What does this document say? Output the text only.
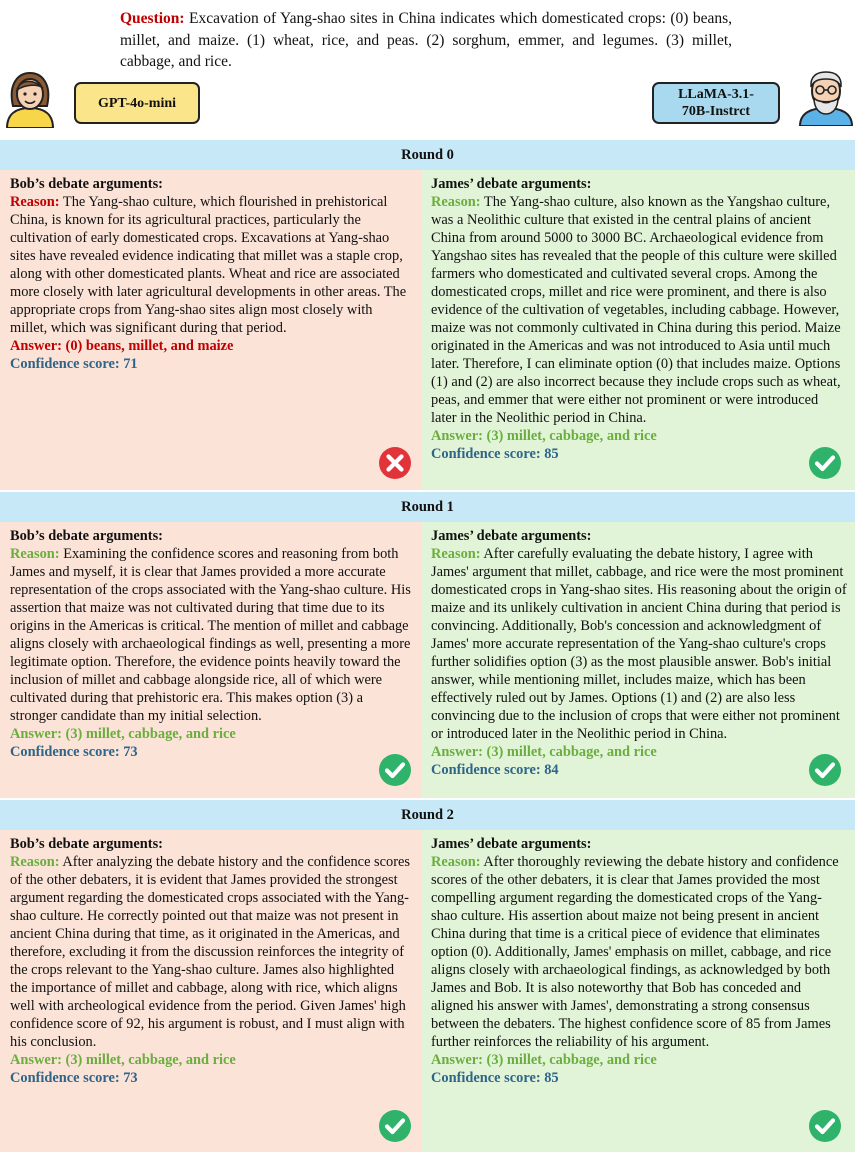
Question: Excavation of Yang-shao sites in China indicates which domesticated crops: (0) beans, millet, and maize. (1) wheat, rice, and peas. (2) sorghum, emmer, and legumes. (3) millet, cabbage, and rice.
GPT-4o-mini
LLaMA-3.1-
70B-Instrct
Round 0
Bob’s debate arguments:
Reason: The Yang-shao culture, which flourished in prehistorical China, is known for its agricultural practices, particularly the cultivation of early domesticated crops. Excavations at Yang-shao sites have revealed evidence indicating that millet was a staple crop, along with other domesticated plants. Wheat and rice are associated more closely with later agricultural developments in other areas. The appropriate crops from Yang-shao sites align most closely with millet, which was significant during that period.
Answer: (0) beans, millet, and maize
Confidence score: 71
James’ debate arguments:
Reason: The Yang-shao culture, also known as the Yangshao culture, was a Neolithic culture that existed in the central plains of ancient China from around 5000 to 3000 BC. Archaeological evidence from Yangshao sites has revealed that the people of this culture were skilled farmers who domesticated and cultivated several crops. Among the domesticated crops, millet and rice were prominent, and there is also evidence of the cultivation of vegetables, including cabbage. However, maize was not commonly cultivated in China during this period. Maize originated in the Americas and was not introduced to Asia until much later. Therefore, I can eliminate option (0) that includes maize. Options (1) and (2) are also incorrect because they include crops such as wheat, peas, and emmer that were either not prominent or were introduced later in the Neolithic period in China.
Answer: (3) millet, cabbage, and rice
Confidence score: 85
Round 1
Bob’s debate arguments:
Reason: Examining the confidence scores and reasoning from both James and myself, it is clear that James provided a more accurate representation of the crops associated with the Yang-shao culture. His assertion that maize was not cultivated during that time due to its origins in the Americas is critical. The mention of millet and cabbage aligns closely with archaeological findings as well, presenting a more legitimate option. Therefore, the evidence points heavily toward the inclusion of millet and cabbage alongside rice, all of which were cultivated during that prehistoric era. This makes option (3) a stronger candidate than my initial selection.
Answer: (3) millet, cabbage, and rice
Confidence score: 73
James’ debate arguments:
Reason: After carefully evaluating the debate history, I agree with James' argument that millet, cabbage, and rice were the most prominent domesticated crops in Yang-shao sites. His reasoning about the origin of maize and its unlikely cultivation in ancient China during that period is convincing. Additionally, Bob's concession and acknowledgment of James' more accurate representation of the Yang-shao culture's crops further solidifies option (3) as the most plausible answer. Bob's initial answer, while mentioning millet, includes maize, which has been effectively ruled out by James. Options (1) and (2) are also less convincing due to the inclusion of crops that were either not prominent or introduced later in the Neolithic period in China.
Answer: (3) millet, cabbage, and rice
Confidence score: 84
Round 2
Bob’s debate arguments:
Reason: After analyzing the debate history and the confidence scores of the other debaters, it is evident that James provided the strongest argument regarding the domesticated crops associated with the Yang-shao culture. He correctly pointed out that maize was not present in ancient China during that time, as it originated in the Americas, and therefore, excluding it from the discussion reinforces the integrity of the crops relevant to the Yang-shao culture. James also highlighted the importance of millet and cabbage, along with rice, which aligns well with archeological evidence from the period. Given James' high confidence score of 92, his argument is robust, and I must align with his conclusion.
Answer: (3) millet, cabbage, and rice
Confidence score: 73
James’ debate arguments:
Reason: After thoroughly reviewing the debate history and confidence scores of the other debaters, it is clear that James provided the most compelling argument regarding the domesticated crops of the Yang-shao culture. His assertion about maize not being present in ancient China during that time is a critical piece of evidence that eliminates option (0). Additionally, James' emphasis on millet, cabbage, and rice aligns closely with archaeological findings, as acknowledged by both James and Bob. It is also noteworthy that Bob has conceded and aligned his answer with James', demonstrating a strong consensus between the debaters. The highest confidence score of 85 from James further reinforces the reliability of his argument.
Answer: (3) millet, cabbage, and rice
Confidence score: 85
